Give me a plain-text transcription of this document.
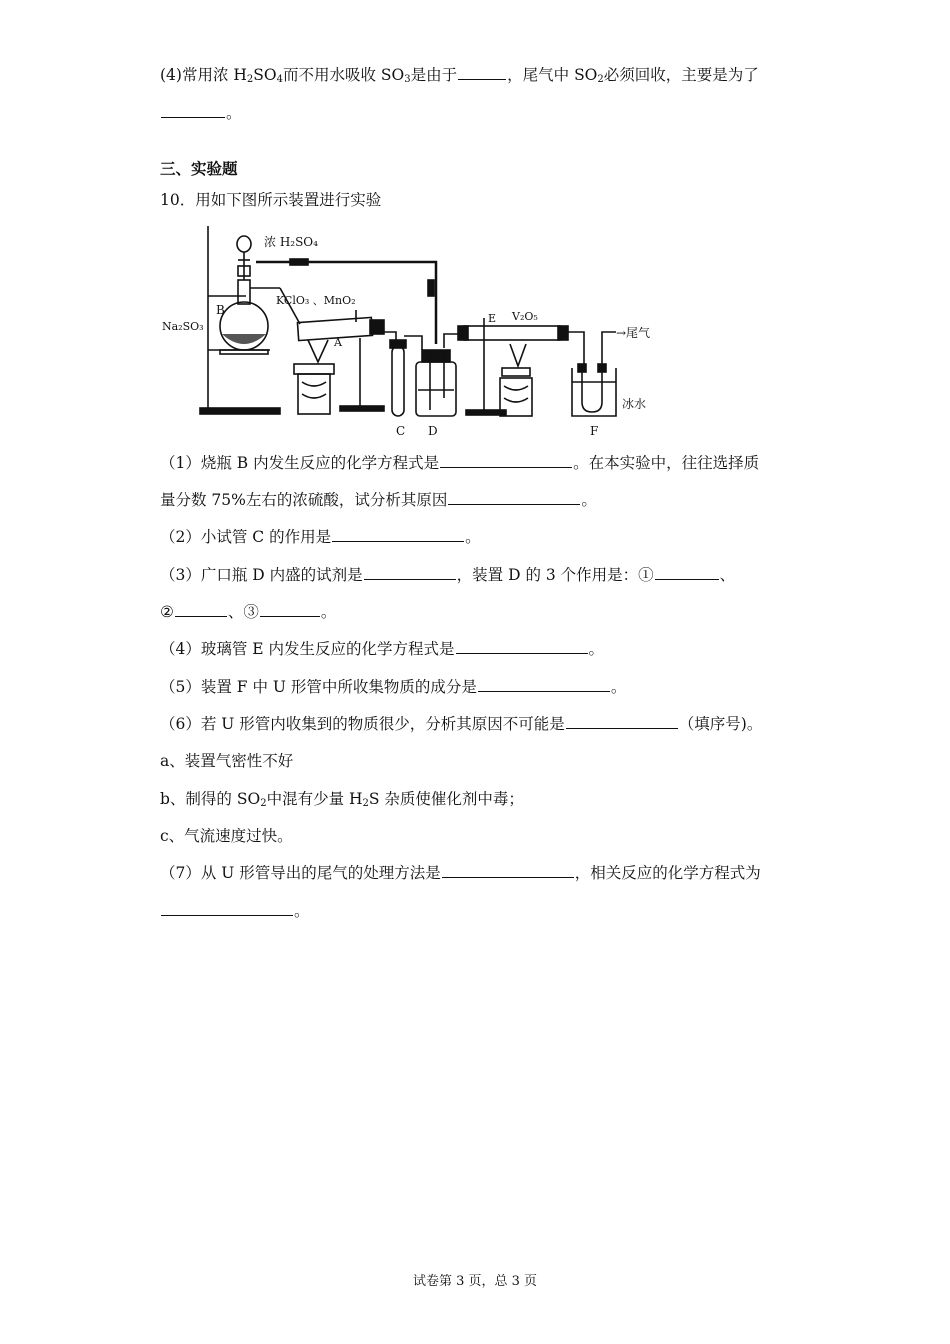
(4)常用浓 $H_2SO_4$而不用水吸收 $SO_3$是由于	，尾气中 $SO_2$必须回收，主要是为了
。
三、实验题
10．用如下图所示装置进行实验
浓 H₂SO₄
B
Na₂SO₃
KClO₃ 、MnO₂
A
C D
E V₂O₅
→尾气
冰水
F
（1）烧瓶 B 内发生反应的化学方程式是	。在本实验中，往往选择质
量分数 75%左右的浓硫酸，试分析其原因	。
（2）小试管 C 的作用是	。
（3）广口瓶 D 内盛的试剂是	，装置 D 的 3 个作用是：①	、
②	、③	。
（4）玻璃管 E 内发生反应的化学方程式是	。
（5）装置 F 中 U 形管中所收集物质的成分是	。
（6）若 U 形管内收集到的物质很少，分析其原因不可能是	（填序号)。
a、装置气密性不好
b、制得的 $SO_2$中混有少量 $H_2S$ 杂质使催化剂中毒；
c、气流速度过快。
（7）从 U 形管导出的尾气的处理方法是	，相关反应的化学方程式为
。
试卷第 3 页，总 3 页
